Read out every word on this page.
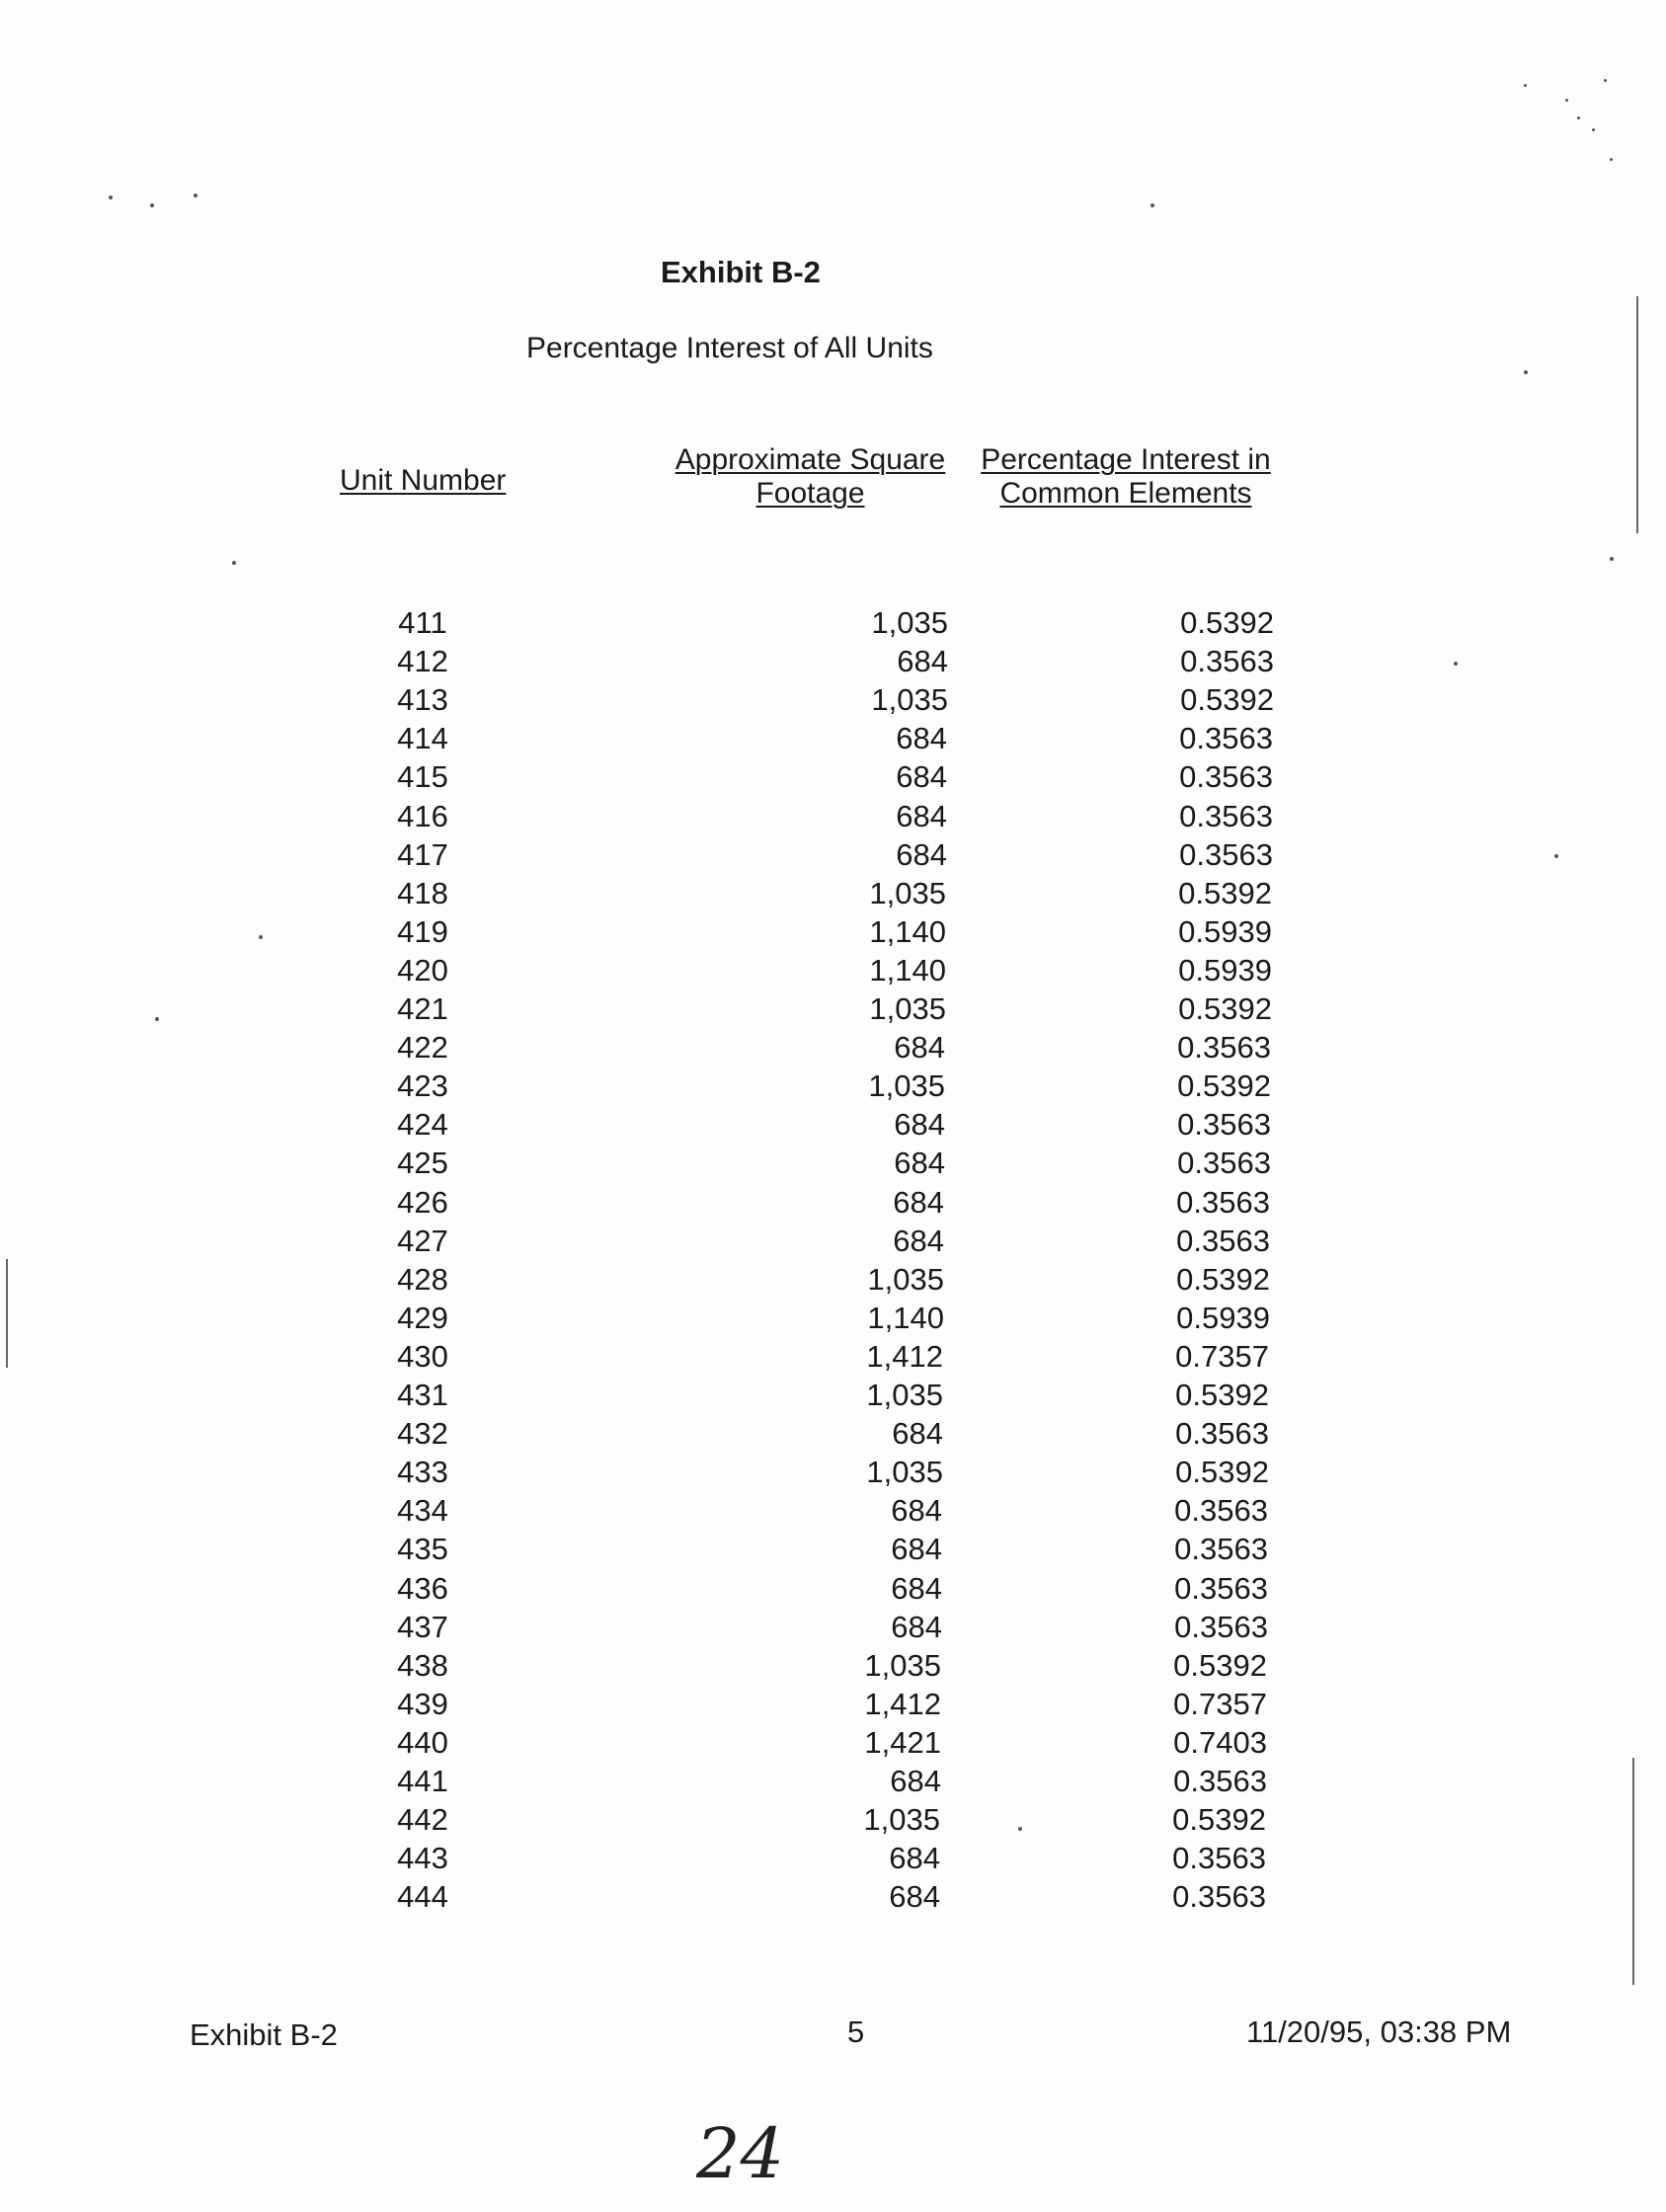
Exhibit B-2
Percentage Interest of All Units
Unit Number
Approximate Square
Footage
Percentage Interest in
Common Elements
411	1,035	0.5392
412	684	0.3563
413	1,035	0.5392
414	684	0.3563
415	684	0.3563
416	684	0.3563
417	684	0.3563
418	1,035	0.5392
419	1,140	0.5939
420	1,140	0.5939
421	1,035	0.5392
422	684	0.3563
423	1,035	0.5392
424	684	0.3563
425	684	0.3563
426	684	0.3563
427	684	0.3563
428	1,035	0.5392
429	1,140	0.5939
430	1,412	0.7357
431	1,035	0.5392
432	684	0.3563
433	1,035	0.5392
434	684	0.3563
435	684	0.3563
436	684	0.3563
437	684	0.3563
438	1,035	0.5392
439	1,412	0.7357
440	1,421	0.7403
441	684	0.3563
442	1,035	0.5392
443	684	0.3563
444	684	0.3563
Exhibit B-2	5	11/20/95, 03:38 PM
24
